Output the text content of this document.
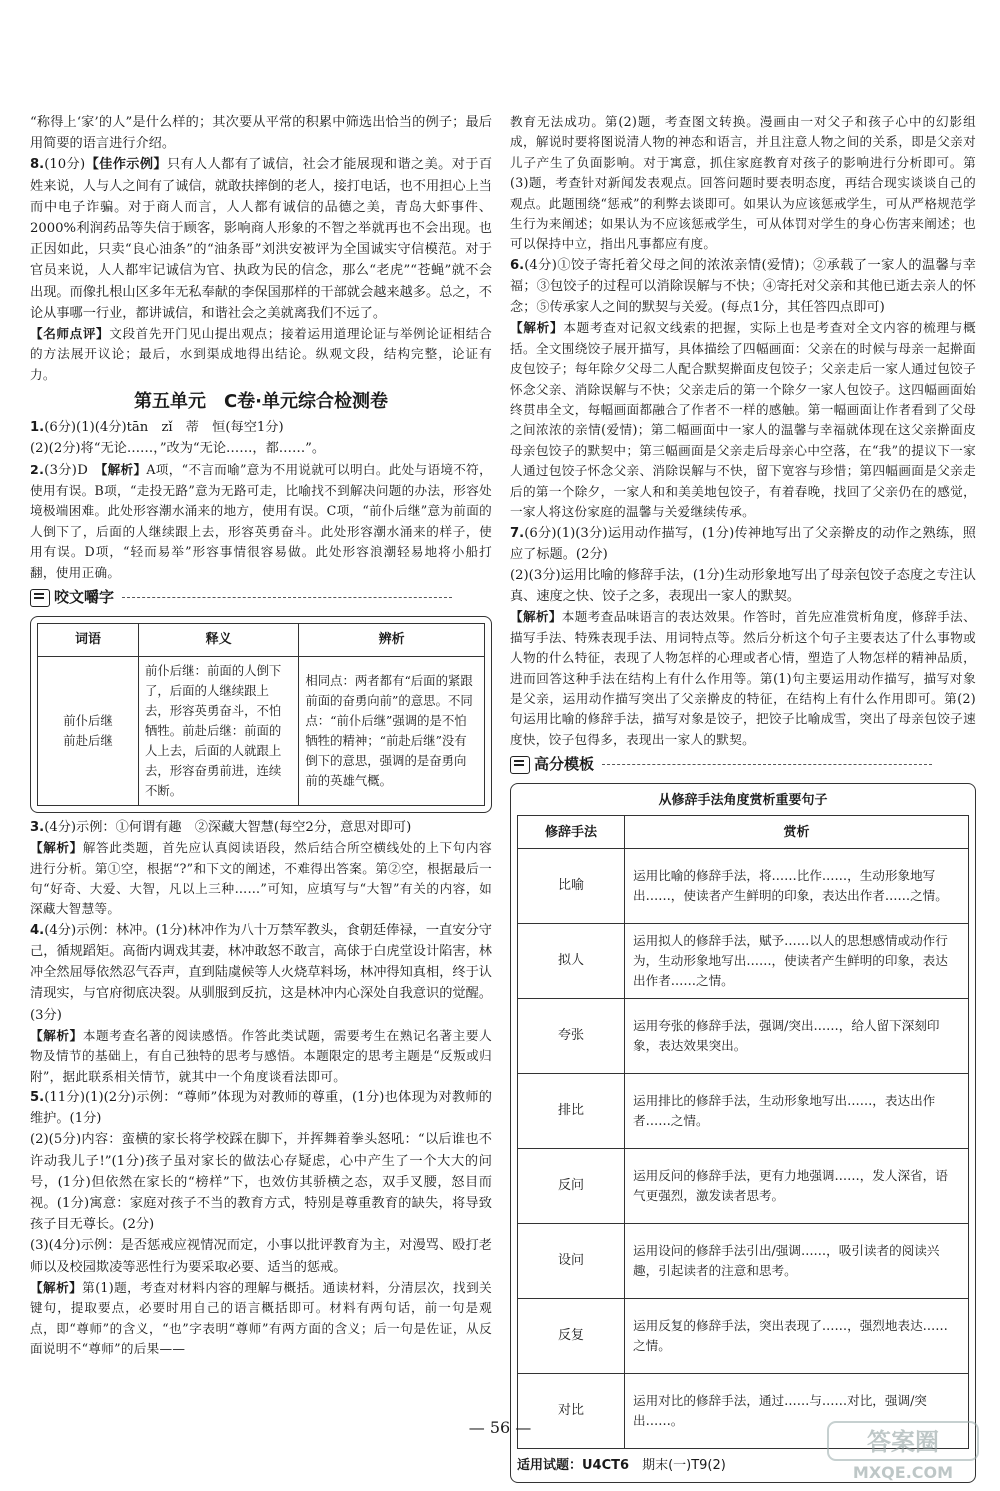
“称得上‘家’的人”是什么样的；其次要从平常的积累中筛选出恰当的例子；最后用简要的语言进行介绍。

8.(10分)【佳作示例】只有人人都有了诚信，社会才能展现和谐之美。对于百姓来说，人与人之间有了诚信，就敢扶摔倒的老人，接打电话，也不用担心上当而中电子诈骗。对于商人而言，人人都有诚信的品德之美，青岛大虾事件、2000%利润药品等失信于顾客，影响商人形象的不智之举就再也不会出现。也正因如此，只卖“良心油条”的“油条哥”刘洪安被评为全国诚实守信模范。对于官员来说，人人都牢记诚信为官、执政为民的信念，那么“老虎”“苍蝇”就不会出现。而像扎根山区多年无私奉献的李保国那样的干部就会越来越多。总之，不论从事哪一行业，都讲诚信，和谐社会之美就离我们不远了。

【名师点评】文段首先开门见山提出观点；接着运用道理论证与举例论证相结合的方法展开议论；最后，水到渠成地得出结论。纵观文段，结构完整，论证有力。

第五单元　C卷·单元综合检测卷

1.(6分)(1)(4分)tān　zǐ　蒂　恒(每空1分)

(2)(2分)将“无论……，”改为“无论……，都……”。

2.(3分)D　 【解析】A项，“不言而喻”意为不用说就可以明白。此处与语境不符，使用有误。B项，“走投无路”意为无路可走，比喻找不到解决问题的办法，形容处境极端困难。此处形容潮水涌来的地方，使用有误。C项，“前仆后继”意为前面的人倒下了，后面的人继续跟上去，形容英勇奋斗。此处形容潮水涌来的样子，使用有误。D项，“轻而易举”形容事情很容易做。此处形容浪潮轻易地将小船打翻，使用正确。

咬文嚼字
词语	释义	辨析

前仆后继
前赴后继	前仆后继：前面的人倒下了，后面的人继续跟上去，形容英勇奋斗，不怕牺牲。前赴后继：前面的人上去，后面的人就跟上去，形容奋勇前进，连续不断。	相同点：两者都有“后面的紧跟前面的奋勇向前”的意思。不同点：“前仆后继”强调的是不怕牺牲的精神；“前赴后继”没有倒下的意思，强调的是奋勇向前的英雄气概。

3.(4分)示例：①何谓有趣　②深藏大智慧(每空2分，意思对即可)

【解析】解答此类题，首先应认真阅读语段，然后结合所空横线处的上下句内容进行分析。第①空，根据“?”和下文的阐述，不难得出答案。第②空，根据最后一句“好奇、大爱、大智，凡以上三种……”可知，应填写与“大智”有关的内容，如深藏大智慧等。

4.(4分)示例：林冲。(1分)林冲作为八十万禁军教头，食朝廷俸禄，一直安分守己，循规蹈矩。高衙内调戏其妻，林冲敢怒不敢言，高俅于白虎堂设计陷害，林冲全然屈辱依然忍气吞声，直到陆虞候等人火烧草料场，林冲得知真相，终于认清现实，与官府彻底决裂。从驯服到反抗，这是林冲内心深处自我意识的觉醒。(3分)

【解析】本题考查名著的阅读感悟。作答此类试题，需要考生在熟记名著主要人物及情节的基础上，有自己独特的思考与感悟。本题限定的思考主题是“反叛或归附”，据此联系相关情节，就其中一个角度谈看法即可。

5.(11分)(1)(2分)示例：“尊师”体现为对教师的尊重，(1分)也体现为对教师的维护。(1分)

(2)(5分)内容：蛮横的家长将学校踩在脚下，并挥舞着拳头怒吼：“以后谁也不许动我儿子!”(1分)孩子虽对家长的做法心存疑虑，心中产生了一个大大的问号，(1分)但依然在家长的“榜样”下，也效仿其骄横之态，双手叉腰，怒目而视。(1分)寓意：家庭对孩子不当的教育方式，特别是尊重教育的缺失，将导致孩子目无尊长。(2分)

(3)(4分)示例：是否惩戒应视情况而定，小事以批评教育为主，对漫骂、殴打老师以及校园欺凌等恶性行为要采取必要、适当的惩戒。

【解析】第(1)题，考查对材料内容的理解与概括。通读材料，分清层次，找到关键句，提取要点，必要时用自己的语言概括即可。材料有两句话，前一句是观点，即“尊师”的含义，“也”字表明“尊师”有两方面的含义；后一句是佐证，从反面说明不“尊师”的后果——

教育无法成功。第(2)题，考查图文转换。漫画由一对父子和孩子心中的幻影组成，解说时要将图说清人物的神态和语言，并且注意人物之间的关系，即是父亲对儿子产生了负面影响。对于寓意，抓住家庭教育对孩子的影响进行分析即可。第(3)题，考查针对新闻发表观点。回答问题时要表明态度，再结合现实谈谈自己的观点。此题围绕“惩戒”的利弊去谈即可。如果认为应该惩戒学生，可从严格规范学生行为来阐述；如果认为不应该惩戒学生，可从体罚对学生的身心伤害来阐述；也可以保持中立，指出凡事都应有度。

6.(4分)①饺子寄托着父母之间的浓浓亲情(爱情)；②承载了一家人的温馨与幸福；③包饺子的过程可以消除误解与不快；④寄托对父亲和其他已逝去亲人的怀念；⑤传承家人之间的默契与关爱。(每点1分，其任答四点即可)

【解析】本题考查对记叙文线索的把握，实际上也是考查对全文内容的梳理与概括。全文围绕饺子展开描写，具体描绘了四幅画面：父亲在的时候与母亲一起擀面皮包饺子；每年除夕父母二人配合默契擀面皮包饺子；父亲走后一家人通过包饺子怀念父亲、消除误解与不快；父亲走后的第一个除夕一家人包饺子。这四幅画面始终贯串全文，每幅画面都融合了作者不一样的感触。第一幅画面让作者看到了父母之间浓浓的亲情(爱情)；第二幅画面中一家人的温馨与幸福就体现在这父亲擀面皮母亲包饺子的默契中；第三幅画面是父亲走后母亲心中空落，在“我”的提议下一家人通过包饺子怀念父亲、消除误解与不快，留下宽容与珍惜；第四幅画面是父亲走后的第一个除夕，一家人和和美美地包饺子，有着春晚，找回了父亲仍在的感觉，一家人将这份家庭的温馨与关爱继续传承。

7.(6分)(1)(3分)运用动作描写，(1分)传神地写出了父亲擀皮的动作之熟练，照应了标题。(2分)

(2)(3分)运用比喻的修辞手法，(1分)生动形象地写出了母亲包饺子态度之专注认真、速度之快、饺子之多，表现出一家人的默契。

【解析】本题考查品味语言的表达效果。作答时，首先应准赏析角度，修辞手法、描写手法、特殊表现手法、用词特点等。然后分析这个句子主要表达了什么事物或人物的什么特征，表现了人物怎样的心理或者心情，塑造了人物怎样的精神品质，进而回答这种手法在结构上有什么作用等。第(1)句主要运用动作描写，描写对象是父亲，运用动作描写突出了父亲擀皮的特征，在结构上有什么作用即可。第(2)句运用比喻的修辞手法，描写对象是饺子，把饺子比喻成雪，突出了母亲包饺子速度快，饺子包得多，表现出一家人的默契。

高分模板
从修辞手法角度赏析重要句子
修辞手法	赏析
比喻	运用比喻的修辞手法，将……比作……，生动形象地写出……，使读者产生鲜明的印象，表达出作者……之情。
拟人	运用拟人的修辞手法，赋予……以人的思想感情或动作行为，生动形象地写出……，使读者产生鲜明的印象，表达出作者……之情。
夸张	运用夸张的修辞手法，强调/突出……，给人留下深刻印象，表达效果突出。
排比	运用排比的修辞手法，生动形象地写出……，表达出作者……之情。
反问	运用反问的修辞手法，更有力地强调……，发人深省，语气更强烈，激发读者思考。
设问	运用设问的修辞手法引出/强调……，吸引读者的阅读兴趣，引起读者的注意和思考。
反复	运用反复的修辞手法，突出表现了……，强烈地表达……之情。
对比	运用对比的修辞手法，通过……与……对比，强调/突出……。
适用试题：U4CT6　 期末(一)T9(2)
— 56 —
答案圈
MXQE.COM
